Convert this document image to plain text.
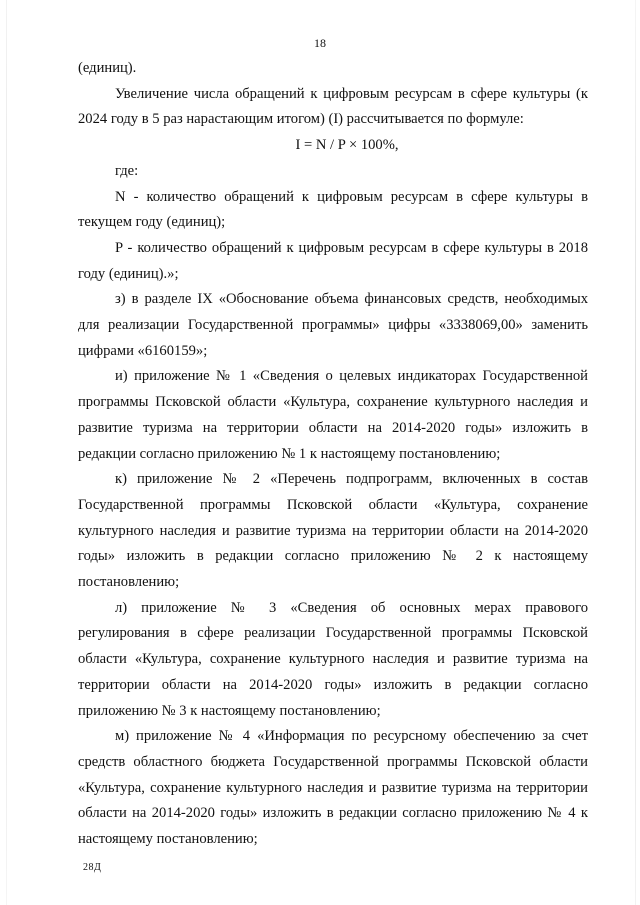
18

(единиц).

Увеличение числа обращений к цифровым ресурсам в сфере культуры (к 2024 году в 5 раз нарастающим итогом) (I) рассчитывается по формуле:

I = N / P × 100%,

где:

N - количество обращений к цифровым ресурсам в сфере культуры в текущем году (единиц);

P - количество обращений к цифровым ресурсам в сфере культуры в 2018 году (единиц).»;

з) в разделе IX «Обоснование объема финансовых средств, необходимых для реализации Государственной программы» цифры «3338069,00» заменить цифрами «6160159»;

и) приложение № 1 «Сведения о целевых индикаторах Государственной программы Псковской области «Культура, сохранение культурного наследия и развитие туризма на территории области на 2014-2020 годы» изложить в редакции согласно приложению № 1 к настоящему постановлению;

к) приложение № 2 «Перечень подпрограмм, включенных в состав Государственной программы Псковской области «Культура, сохранение культурного наследия и развитие туризма на территории области на 2014-2020 годы» изложить в редакции согласно приложению № 2 к настоящему постановлению;

л) приложение № 3 «Сведения об основных мерах правового регулирования в сфере реализации Государственной программы Псковской области «Культура, сохранение культурного наследия и развитие туризма на территории области на 2014-2020 годы» изложить в редакции согласно приложению № 3 к настоящему постановлению;

м) приложение № 4 «Информация по ресурсному обеспечению за счет средств областного бюджета Государственной программы Псковской области «Культура, сохранение культурного наследия и развитие туризма на территории области на 2014-2020 годы» изложить в редакции согласно приложению № 4 к настоящему постановлению;

28Д
